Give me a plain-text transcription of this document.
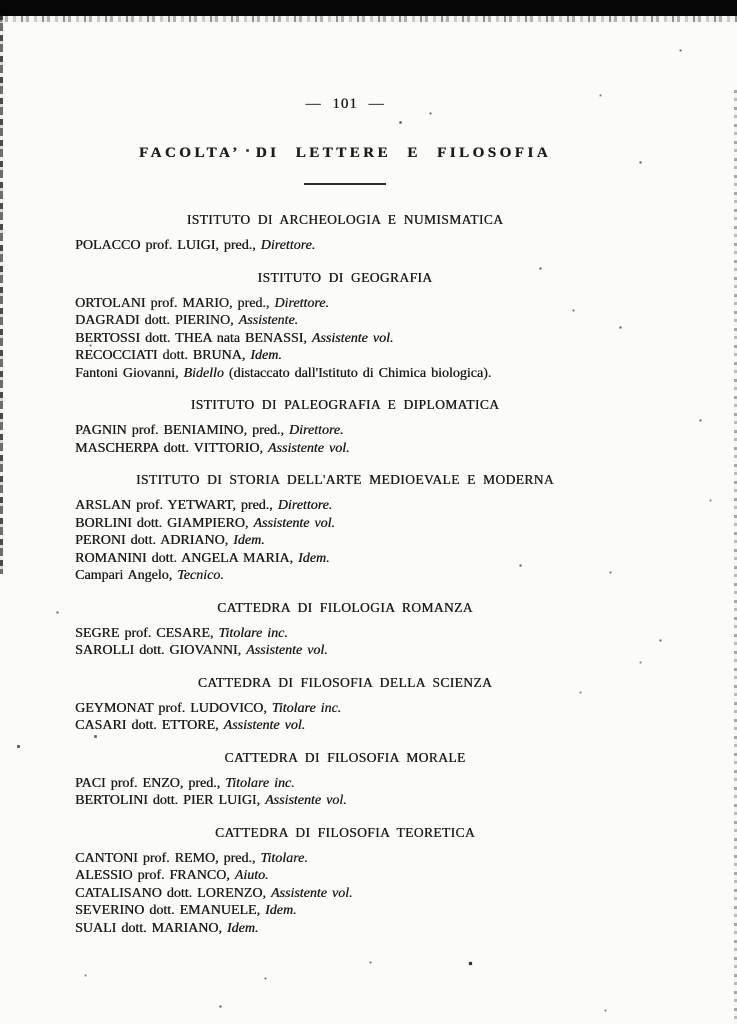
— 101 —
FACOLTA’ DI LETTERE E FILOSOFIA
ISTITUTO DI ARCHEOLOGIA E NUMISMATICA
POLACCO prof. LUIGI, pred., Direttore.
ISTITUTO DI GEOGRAFIA
ORTOLANI prof. MARIO, pred., Direttore.
DAGRADI dott. PIERINO, Assistente.
BERTOSSI dott. THEA nata BENASSI, Assistente vol.
RECOCCIATI dott. BRUNA, Idem.
Fantoni Giovanni, Bidello (distaccato dall'Istituto di Chimica biologica).
ISTITUTO DI PALEOGRAFIA E DIPLOMATICA
PAGNIN prof. BENIAMINO, pred., Direttore.
MASCHERPA dott. VITTORIO, Assistente vol.
ISTITUTO DI STORIA DELL'ARTE MEDIOEVALE E MODERNA
ARSLAN prof. YETWART, pred., Direttore.
BORLINI dott. GIAMPIERO, Assistente vol.
PERONI dott. ADRIANO, Idem.
ROMANINI dott. ANGELA MARIA, Idem.
Campari Angelo, Tecnico.
CATTEDRA DI FILOLOGIA ROMANZA
SEGRE prof. CESARE, Titolare inc.
SAROLLI dott. GIOVANNI, Assistente vol.
CATTEDRA DI FILOSOFIA DELLA SCIENZA
GEYMONAT prof. LUDOVICO, Titolare inc.
CASARI dott. ETTORE, Assistente vol.
CATTEDRA DI FILOSOFIA MORALE
PACI prof. ENZO, pred., Titolare inc.
BERTOLINI dott. PIER LUIGI, Assistente vol.
CATTEDRA DI FILOSOFIA TEORETICA
CANTONI prof. REMO, pred., Titolare.
ALESSIO prof. FRANCO, Aiuto.
CATALISANO dott. LORENZO, Assistente vol.
SEVERINO dott. EMANUELE, Idem.
SUALI dott. MARIANO, Idem.
